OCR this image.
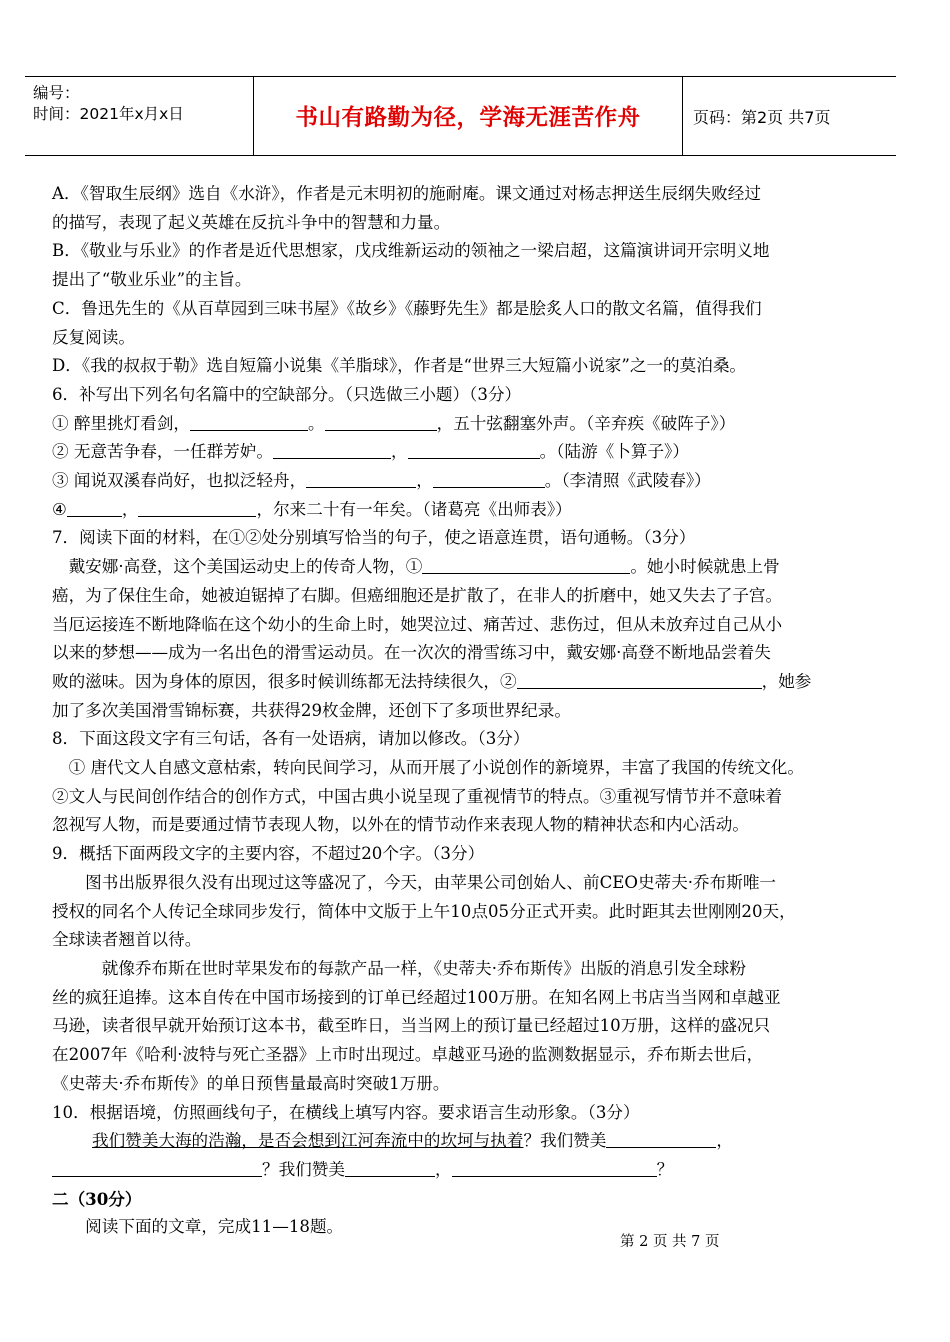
编号：
时间：2021年x月x日	书山有路勤为径，学海无涯苦作舟	页码：第2页 共7页

A．《智取生辰纲》选自《水浒》，作者是元末明初的施耐庵。课文通过对杨志押送生辰纲失败经过

的描写，表现了起义英雄在反抗斗争中的智慧和力量。

B．《敬业与乐业》的作者是近代思想家，戊戌维新运动的领袖之一梁启超，这篇演讲词开宗明义地

提出了“敬业乐业”的主旨。

C．鲁迅先生的《从百草园到三味书屋》《故乡》《藤野先生》都是脍炙人口的散文名篇，值得我们

反复阅读。

D．《我的叔叔于勒》选自短篇小说集《羊脂球》，作者是“世界三大短篇小说家”之一的莫泊桑。

6．补写出下列名句名篇中的空缺部分。（只选做三小题）（3分）

① 醉里挑灯看剑，	。	，五十弦翻塞外声。（辛弃疾《破阵子》）

② 无意苦争春，一任群芳妒。	，	。（陆游《卜算子》）

③ 闻说双溪春尚好，也拟泛轻舟，	，	。（李清照《武陵春》）

④	，	，尔来二十有一年矣。（诸葛亮《出师表》）

7．阅读下面的材料，在①②处分别填写恰当的句子，使之语意连贯，语句通畅。（3分）

　戴安娜·高登，这个美国运动史上的传奇人物，①	。她小时候就患上骨

癌，为了保住生命，她被迫锯掉了右脚。但癌细胞还是扩散了，在非人的折磨中，她又失去了子宫。

当厄运接连不断地降临在这个幼小的生命上时，她哭泣过、痛苦过、悲伤过，但从未放弃过自己从小

以来的梦想——成为一名出色的滑雪运动员。在一次次的滑雪练习中，戴安娜·高登不断地品尝着失

败的滋味。因为身体的原因，很多时候训练都无法持续很久，②	，她参

加了多次美国滑雪锦标赛，共获得29枚金牌，还创下了多项世界纪录。

8．下面这段文字有三句话，各有一处语病，请加以修改。（3分）

　① 唐代文人自感文意枯索，转向民间学习，从而开展了小说创作的新境界，丰富了我国的传统文化。

②文人与民间创作结合的创作方式，中国古典小说呈现了重视情节的特点。③重视写情节并不意味着

忽视写人物，而是要通过情节表现人物，以外在的情节动作来表现人物的精神状态和内心活动。

9．概括下面两段文字的主要内容，不超过20个字。（3分）

　　图书出版界很久没有出现过这等盛况了，今天，由苹果公司创始人、前CEO史蒂夫·乔布斯唯一

授权的同名个人传记全球同步发行，简体中文版于上午10点05分正式开卖。此时距其去世刚刚20天，

全球读者翘首以待。

　　　就像乔布斯在世时苹果发布的每款产品一样，《史蒂夫·乔布斯传》出版的消息引发全球粉

丝的疯狂追捧。这本自传在中国市场接到的订单已经超过100万册。在知名网上书店当当网和卓越亚

马逊，读者很早就开始预订这本书，截至昨日，当当网上的预订量已经超过10万册，这样的盛况只

在2007年《哈利·波特与死亡圣器》上市时出现过。卓越亚马逊的监测数据显示，乔布斯去世后，

《史蒂夫·乔布斯传》的单日预售量最高时突破1万册。

10．根据语境，仿照画线句子，在横线上填写内容。要求语言生动形象。（3分）

我们赞美大海的浩瀚，是否会想到江河奔流中的坎坷与执着？我们赞美	，

？我们赞美	，	？

二（30分）

　　阅读下面的文章，完成11—18题。

第 2 页 共 7 页
